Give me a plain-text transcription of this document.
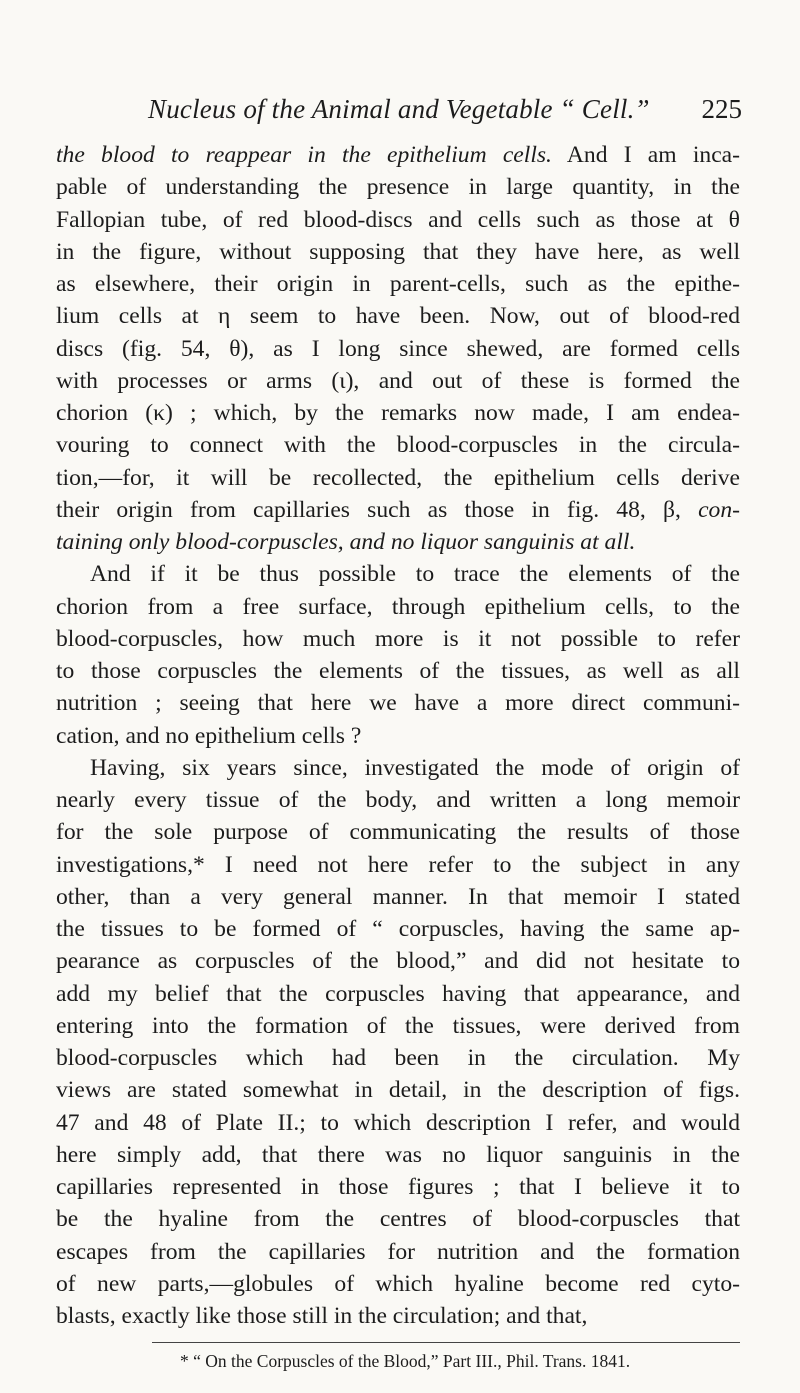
Nucleus of the Animal and Vegetable “ Cell.” 225
the blood to reappear in the epithelium cells. And I am inca-
pable of understanding the presence in large quantity, in the
Fallopian tube, of red blood-discs and cells such as those at θ
in the figure, without supposing that they have here, as well
as elsewhere, their origin in parent-cells, such as the epithe-
lium cells at η seem to have been. Now, out of blood-red
discs (fig. 54, θ), as I long since shewed, are formed cells
with processes or arms (ι), and out of these is formed the
chorion (κ) ; which, by the remarks now made, I am endea-
vouring to connect with the blood-corpuscles in the circula-
tion,—for, it will be recollected, the epithelium cells derive
their origin from capillaries such as those in fig. 48, β, con-
taining only blood-corpuscles, and no liquor sanguinis at all.
And if it be thus possible to trace the elements of the
chorion from a free surface, through epithelium cells, to the
blood-corpuscles, how much more is it not possible to refer
to those corpuscles the elements of the tissues, as well as all
nutrition ; seeing that here we have a more direct communi-
cation, and no epithelium cells ?
Having, six years since, investigated the mode of origin of
nearly every tissue of the body, and written a long memoir
for the sole purpose of communicating the results of those
investigations,* I need not here refer to the subject in any
other, than a very general manner. In that memoir I stated
the tissues to be formed of “ corpuscles, having the same ap-
pearance as corpuscles of the blood,” and did not hesitate to
add my belief that the corpuscles having that appearance, and
entering into the formation of the tissues, were derived from
blood-corpuscles which had been in the circulation. My
views are stated somewhat in detail, in the description of figs.
47 and 48 of Plate II.; to which description I refer, and would
here simply add, that there was no liquor sanguinis in the
capillaries represented in those figures ; that I believe it to
be the hyaline from the centres of blood-corpuscles that
escapes from the capillaries for nutrition and the formation
of new parts,—globules of which hyaline become red cyto-
blasts, exactly like those still in the circulation; and that,
* “ On the Corpuscles of the Blood,” Part III., Phil. Trans. 1841.
